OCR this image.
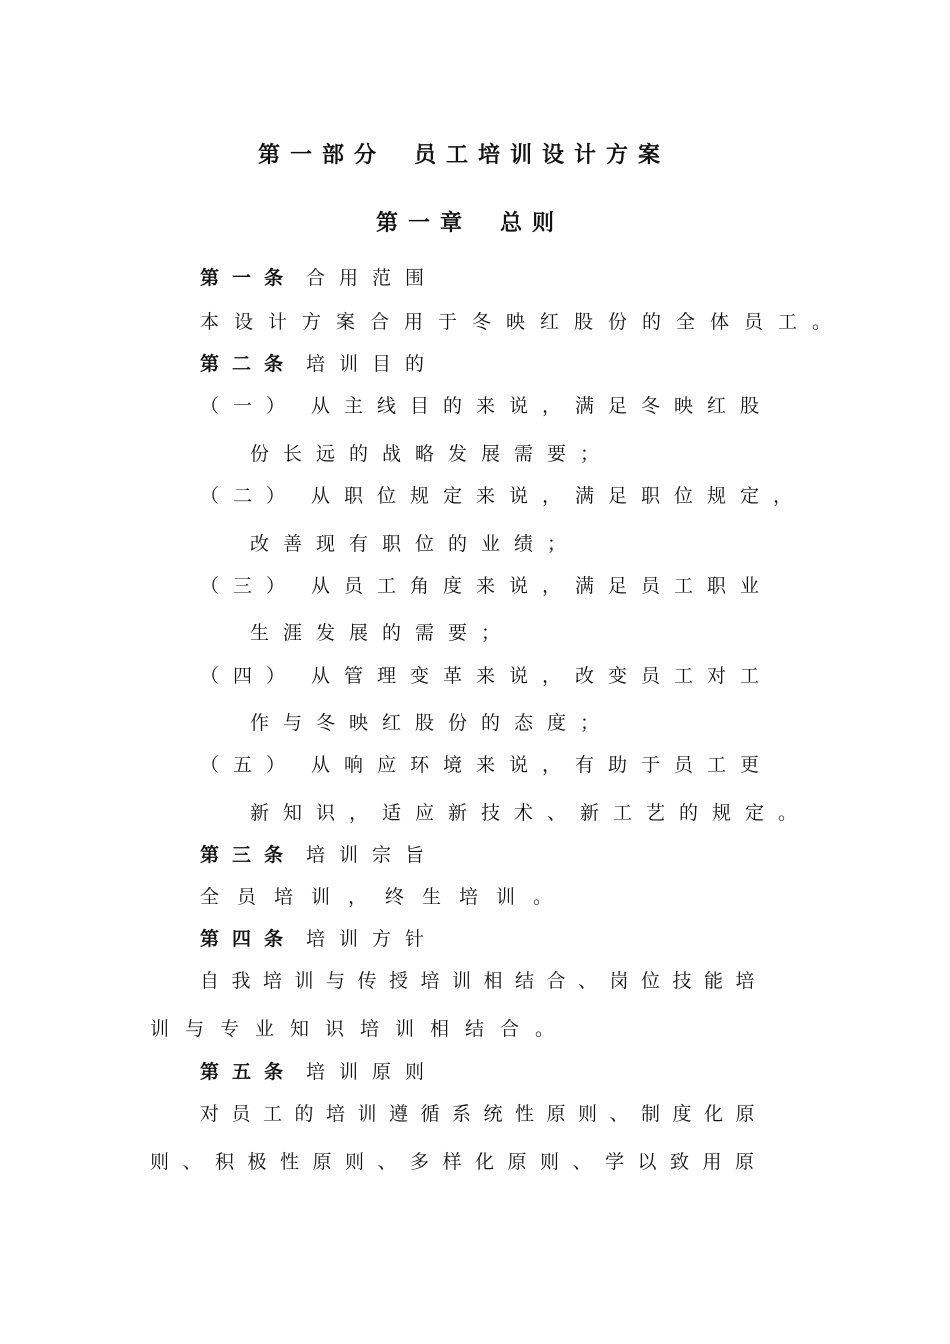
第一部分 员工培训设计方案
第一章 总则
第一条 合用范围
本设计方案合用于冬映红股份的全体员工。
第二条 培训目的
（一） 从主线目的来说，满足冬映红股
份长远的战略发展需要；
（二） 从职位规定来说，满足职位规定，
改善现有职位的业绩；
（三） 从员工角度来说，满足员工职业
生涯发展的需要；
（四） 从管理变革来说，改变员工对工
作与冬映红股份的态度；
（五） 从响应环境来说，有助于员工更
新知识，适应新技术、新工艺的规定。
第三条 培训宗旨
全员培训，终生培训。
第四条 培训方针
自我培训与传授培训相结合、岗位技能培
训与专业知识培训相结合。
第五条 培训原则
对员工的培训遵循系统性原则、制度化原
则、积极性原则、多样化原则、学以致用原
